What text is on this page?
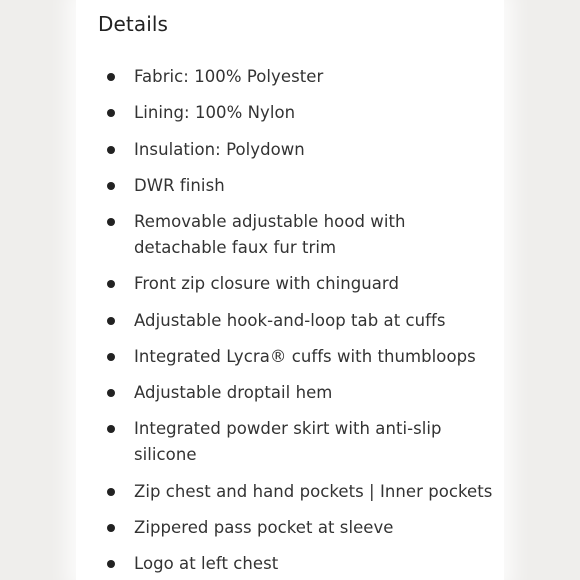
Details
Fabric: 100% Polyester
Lining: 100% Nylon
Insulation: Polydown
DWR finish
Removable adjustable hood with detachable faux fur trim
Front zip closure with chinguard
Adjustable hook-and-loop tab at cuffs
Integrated Lycra® cuffs with thumbloops
Adjustable droptail hem
Integrated powder skirt with anti-slip silicone
Zip chest and hand pockets | Inner pockets
Zippered pass pocket at sleeve
Logo at left chest
